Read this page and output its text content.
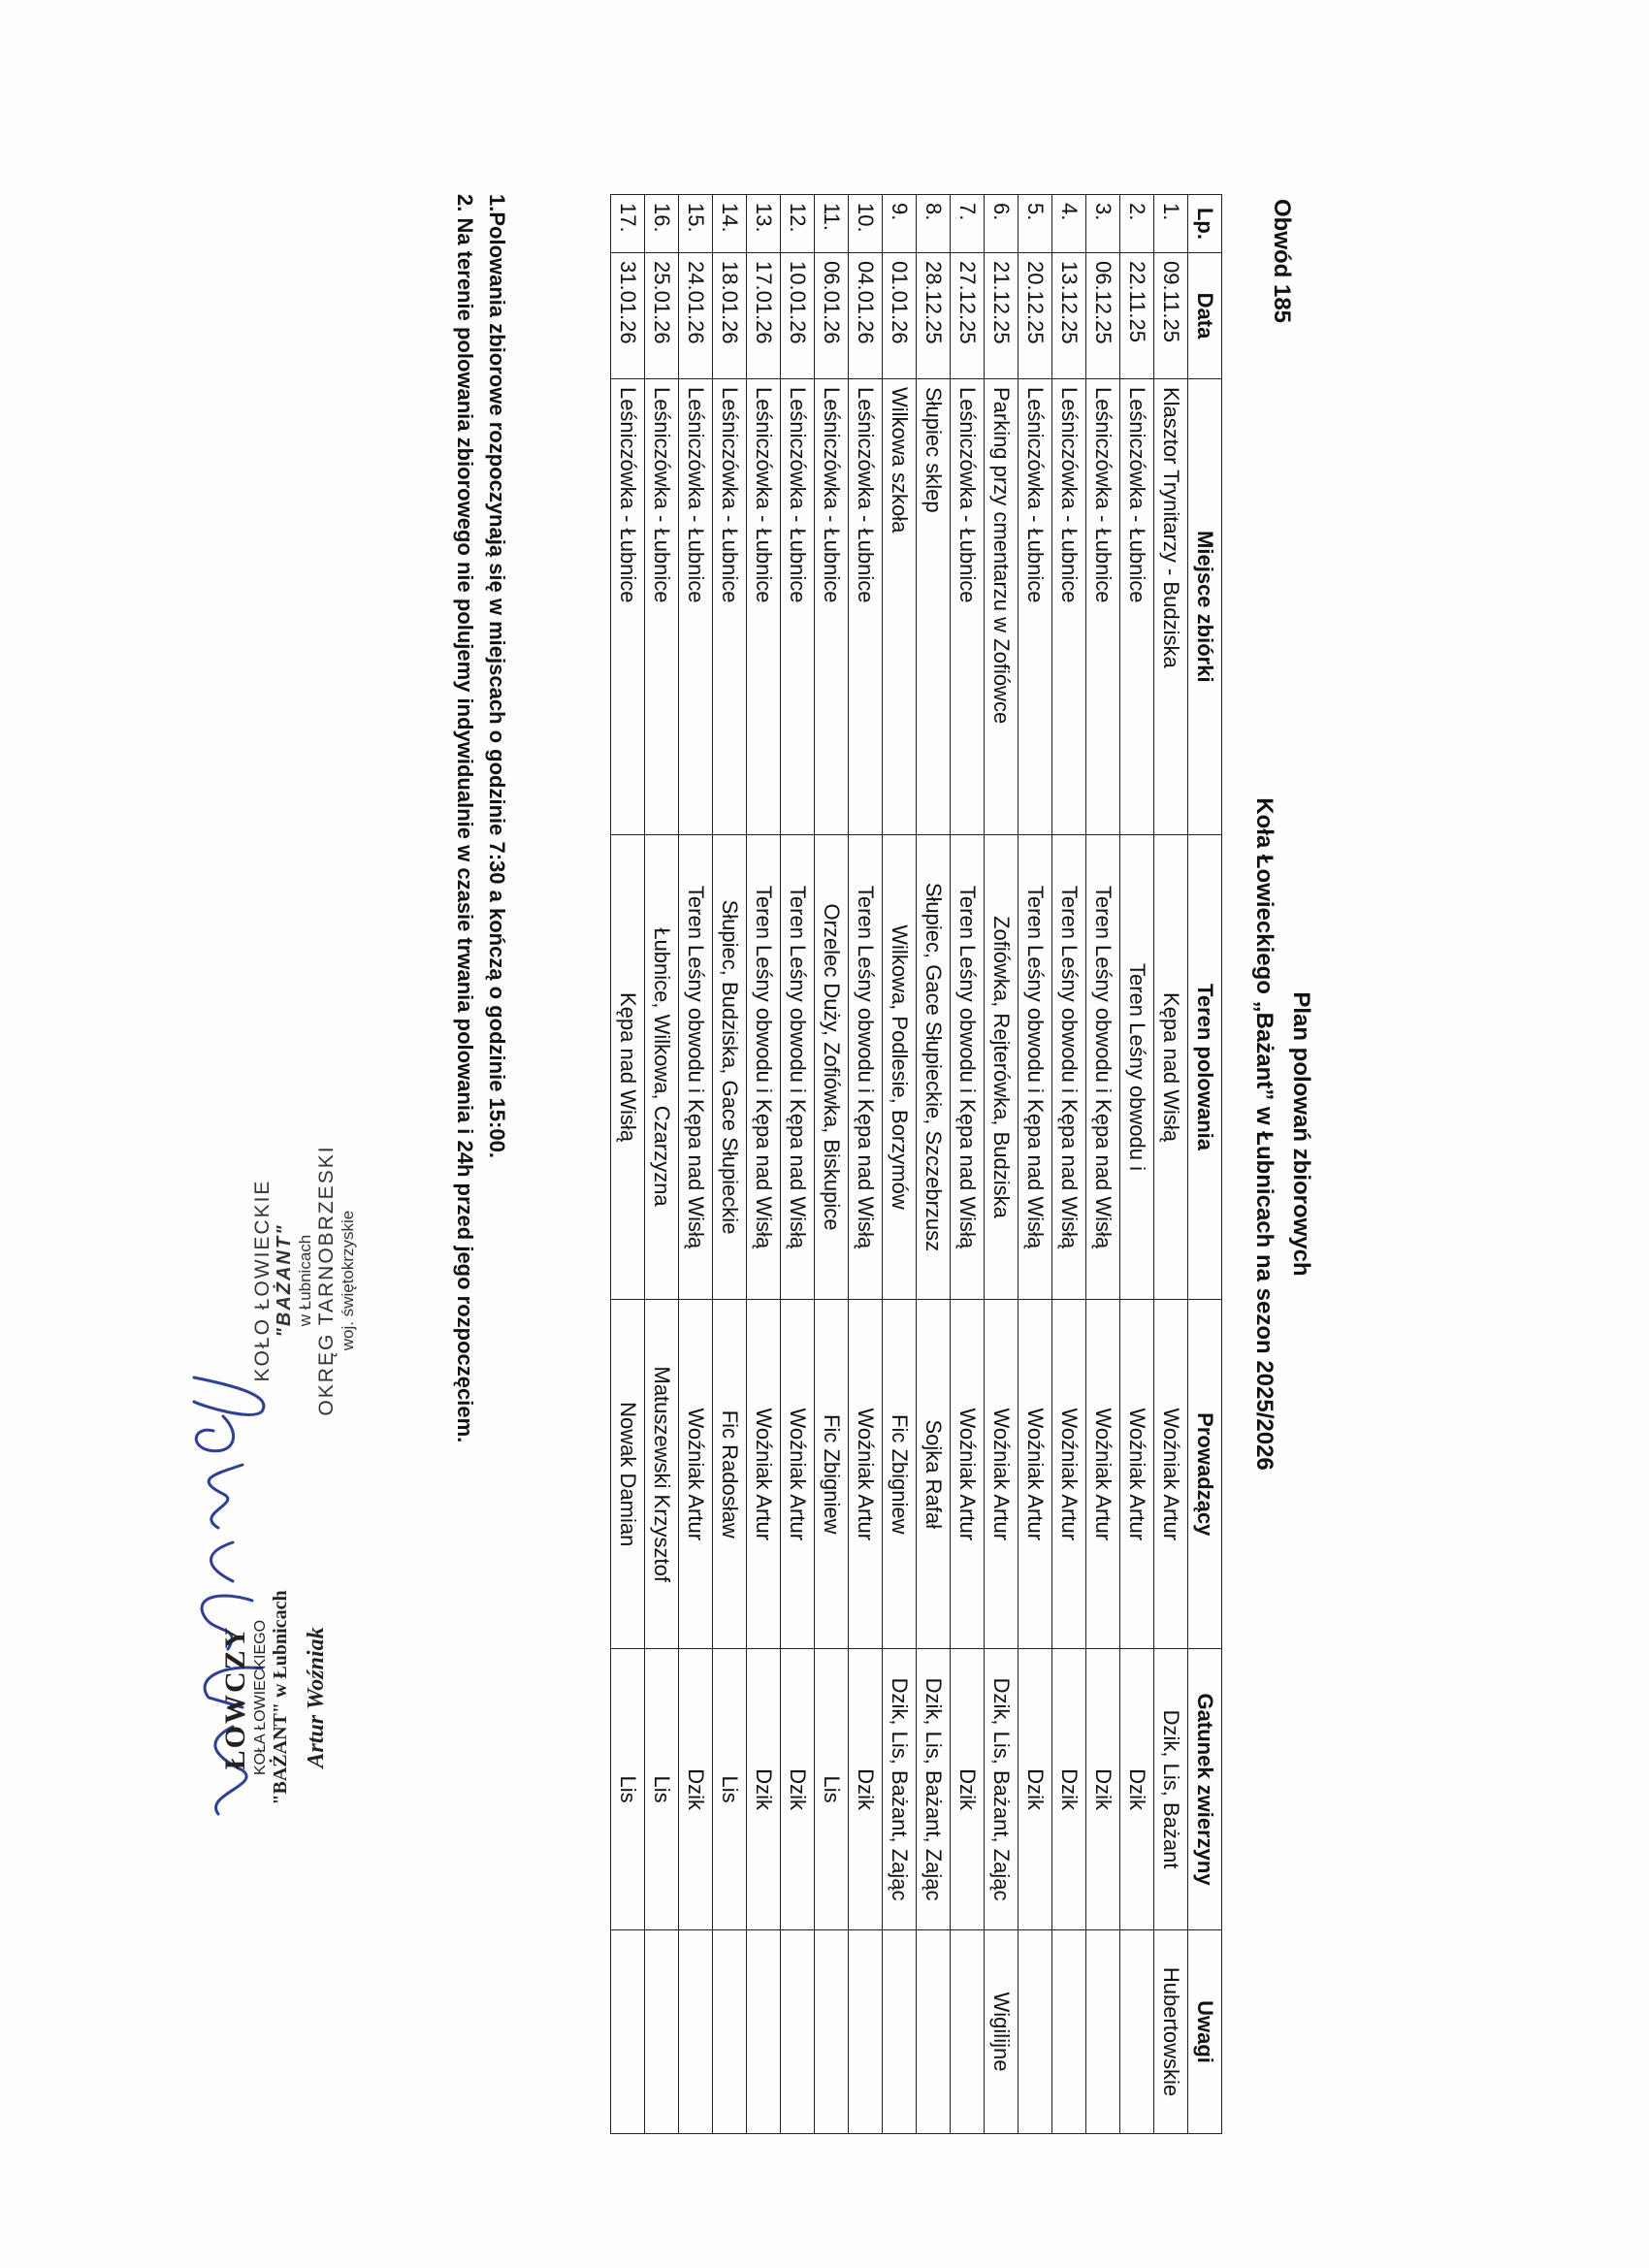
Obwód 185
Plan polowań zbiorowych
Koła Łowieckiego „Bażant” w Łubnicach na sezon 2025/2026
Lp.	Data	Miejsce zbiórki	Teren polowania	Prowadzący	Gatunek zwierzyny	Uwagi
1.	09.11.25	Klasztor Trynitarzy - Budziska	Kępa nad Wisłą	Woźniak Artur	Dzik, Lis, Bażant	Hubertowskie
2.	22.11.25	Leśniczówka - Łubnice	Teren Leśny obwodu i	Woźniak Artur	Dzik	
3.	06.12.25	Leśniczówka - Łubnice	Teren Leśny obwodu i Kępa nad Wisłą	Woźniak Artur	Dzik	
4.	13.12.25	Leśniczówka - Łubnice	Teren Leśny obwodu i Kępa nad Wisłą	Woźniak Artur	Dzik	
5.	20.12.25	Leśniczówka - Łubnice	Teren Leśny obwodu i Kępa nad Wisłą	Woźniak Artur	Dzik	
6.	21.12.25	Parking przy cmentarzu w Zofiówce	Zofiówka, Rejterówka, Budziska	Woźniak Artur	Dzik, Lis, Bażant, Zając	Wigilijne
7.	27.12.25	Leśniczówka - Łubnice	Teren Leśny obwodu i Kępa nad Wisłą	Woźniak Artur	Dzik	
8.	28.12.25	Słupiec sklep	Słupiec, Gace Słupieckie, Szczebrzusz	Sojka Rafał	Dzik, Lis, Bażant, Zając	
9.	01.01.26	Wilkowa szkoła	Wilkowa, Podlesie, Borzymów	Fic Zbigniew	Dzik, Lis, Bażant, Zając	
10.	04.01.26	Leśniczówka - Łubnice	Teren Leśny obwodu i Kępa nad Wisłą	Woźniak Artur	Dzik	
11.	06.01.26	Leśniczówka - Łubnice	Orzelec Duży, Zofiówka, Biskupice	Fic Zbigniew	Lis	
12.	10.01.26	Leśniczówka - Łubnice	Teren Leśny obwodu i Kępa nad Wisłą	Woźniak Artur	Dzik	
13.	17.01.26	Leśniczówka - Łubnice	Teren Leśny obwodu i Kępa nad Wisłą	Woźniak Artur	Dzik	
14.	18.01.26	Leśniczówka - Łubnice	Słupiec, Budziska, Gace Słupieckie	Fic Radosław	Lis	
15.	24.01.26	Leśniczówka - Łubnice	Teren Leśny obwodu i Kępa nad Wisłą	Woźniak Artur	Dzik	
16.	25.01.26	Leśniczówka - Łubnice	Łubnice, Wilkowa, Czarzyzna	Matuszewski Krzysztof	Lis	
17.	31.01.26	Leśniczówka - Łubnice	Kępa nad Wisłą	Nowak Damian	Lis	
1.Polowania zbiorowe rozpoczynają się w miejscach o godzinie 7:30 a kończą o godzinie 15:00.
2. Na terenie polowania zbiorowego nie polujemy indywidualnie w czasie trwania polowania i 24h przed jego rozpoczęciem.
KOŁO ŁOWIECKIE "BAŻANT" w Łubnicach OKRĘG TARNOBRZESKI woj. świętokrzyskie
ŁOWCZY KOŁA ŁOWIECKIEGO "BAŻANT" w Łubnicach Artur Woźniak
